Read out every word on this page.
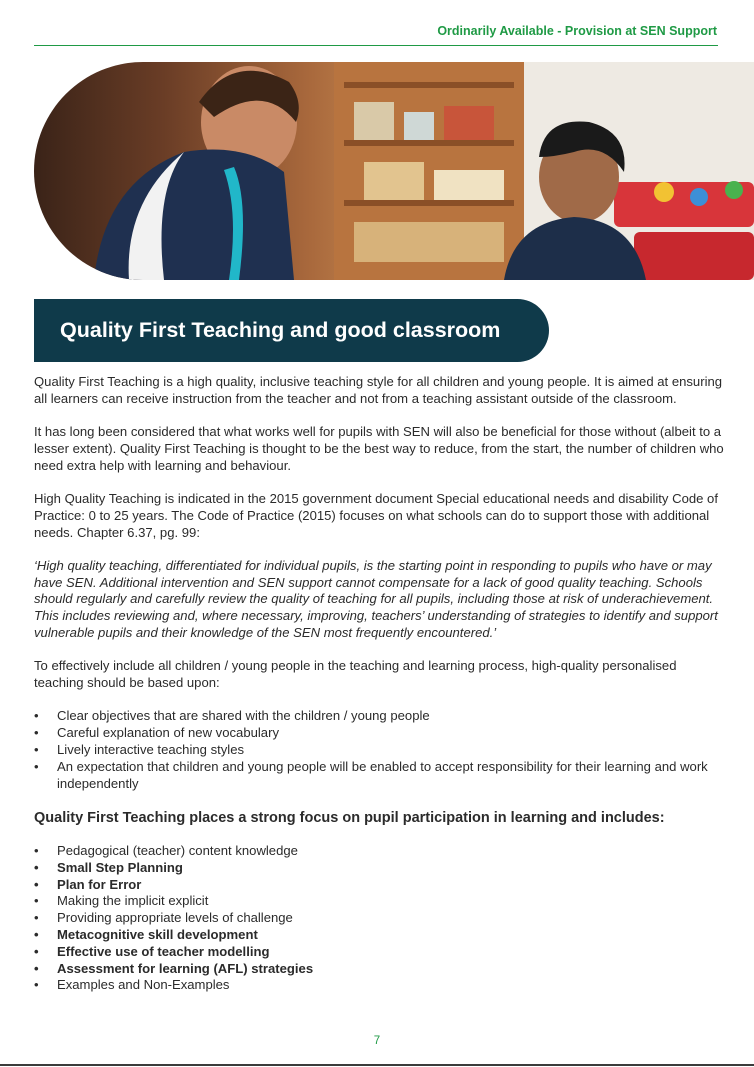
Ordinarily Available - Provision at SEN Support
Quality First Teaching and good classroom

Quality First Teaching is a high quality, inclusive teaching style for all children and young people. It is aimed at ensuring all learners can receive instruction from the teacher and not from a teaching assistant outside of the classroom.

It has long been considered that what works well for pupils with SEN will also be beneficial for those without (albeit to a lesser extent). Quality First Teaching is thought to be the best way to reduce, from the start, the number of children who need extra help with learning and behaviour.

High Quality Teaching is indicated in the 2015 government document Special educational needs and disability Code of Practice: 0 to 25 years. The Code of Practice (2015) focuses on what schools can do to support those with additional needs. Chapter 6.37, pg. 99:

‘High quality teaching, differentiated for individual pupils, is the starting point in responding to pupils who have or may have SEN. Additional intervention and SEN support cannot compensate for a lack of good quality teaching. Schools should regularly and carefully review the quality of teaching for all pupils, including those at risk of underachievement. This includes reviewing and, where necessary, improving, teachers’ understanding of strategies to identify and support vulnerable pupils and their knowledge of the SEN most frequently encountered.’

To effectively include all children / young people in the teaching and learning process, high-quality personalised teaching should be based upon:

• Clear objectives that are shared with the children / young people
• Careful explanation of new vocabulary
• Lively interactive teaching styles
• An expectation that children and young people will be enabled to accept responsibility for their learning and work independently
Quality First Teaching places a strong focus on pupil participation in learning and includes:
• Pedagogical (teacher) content knowledge
• Small Step Planning
• Plan for Error
• Making the implicit explicit
• Providing appropriate levels of challenge
• Metacognitive skill development
• Effective use of teacher modelling
• Assessment for learning (AFL) strategies
• Examples and Non-Examples
7
